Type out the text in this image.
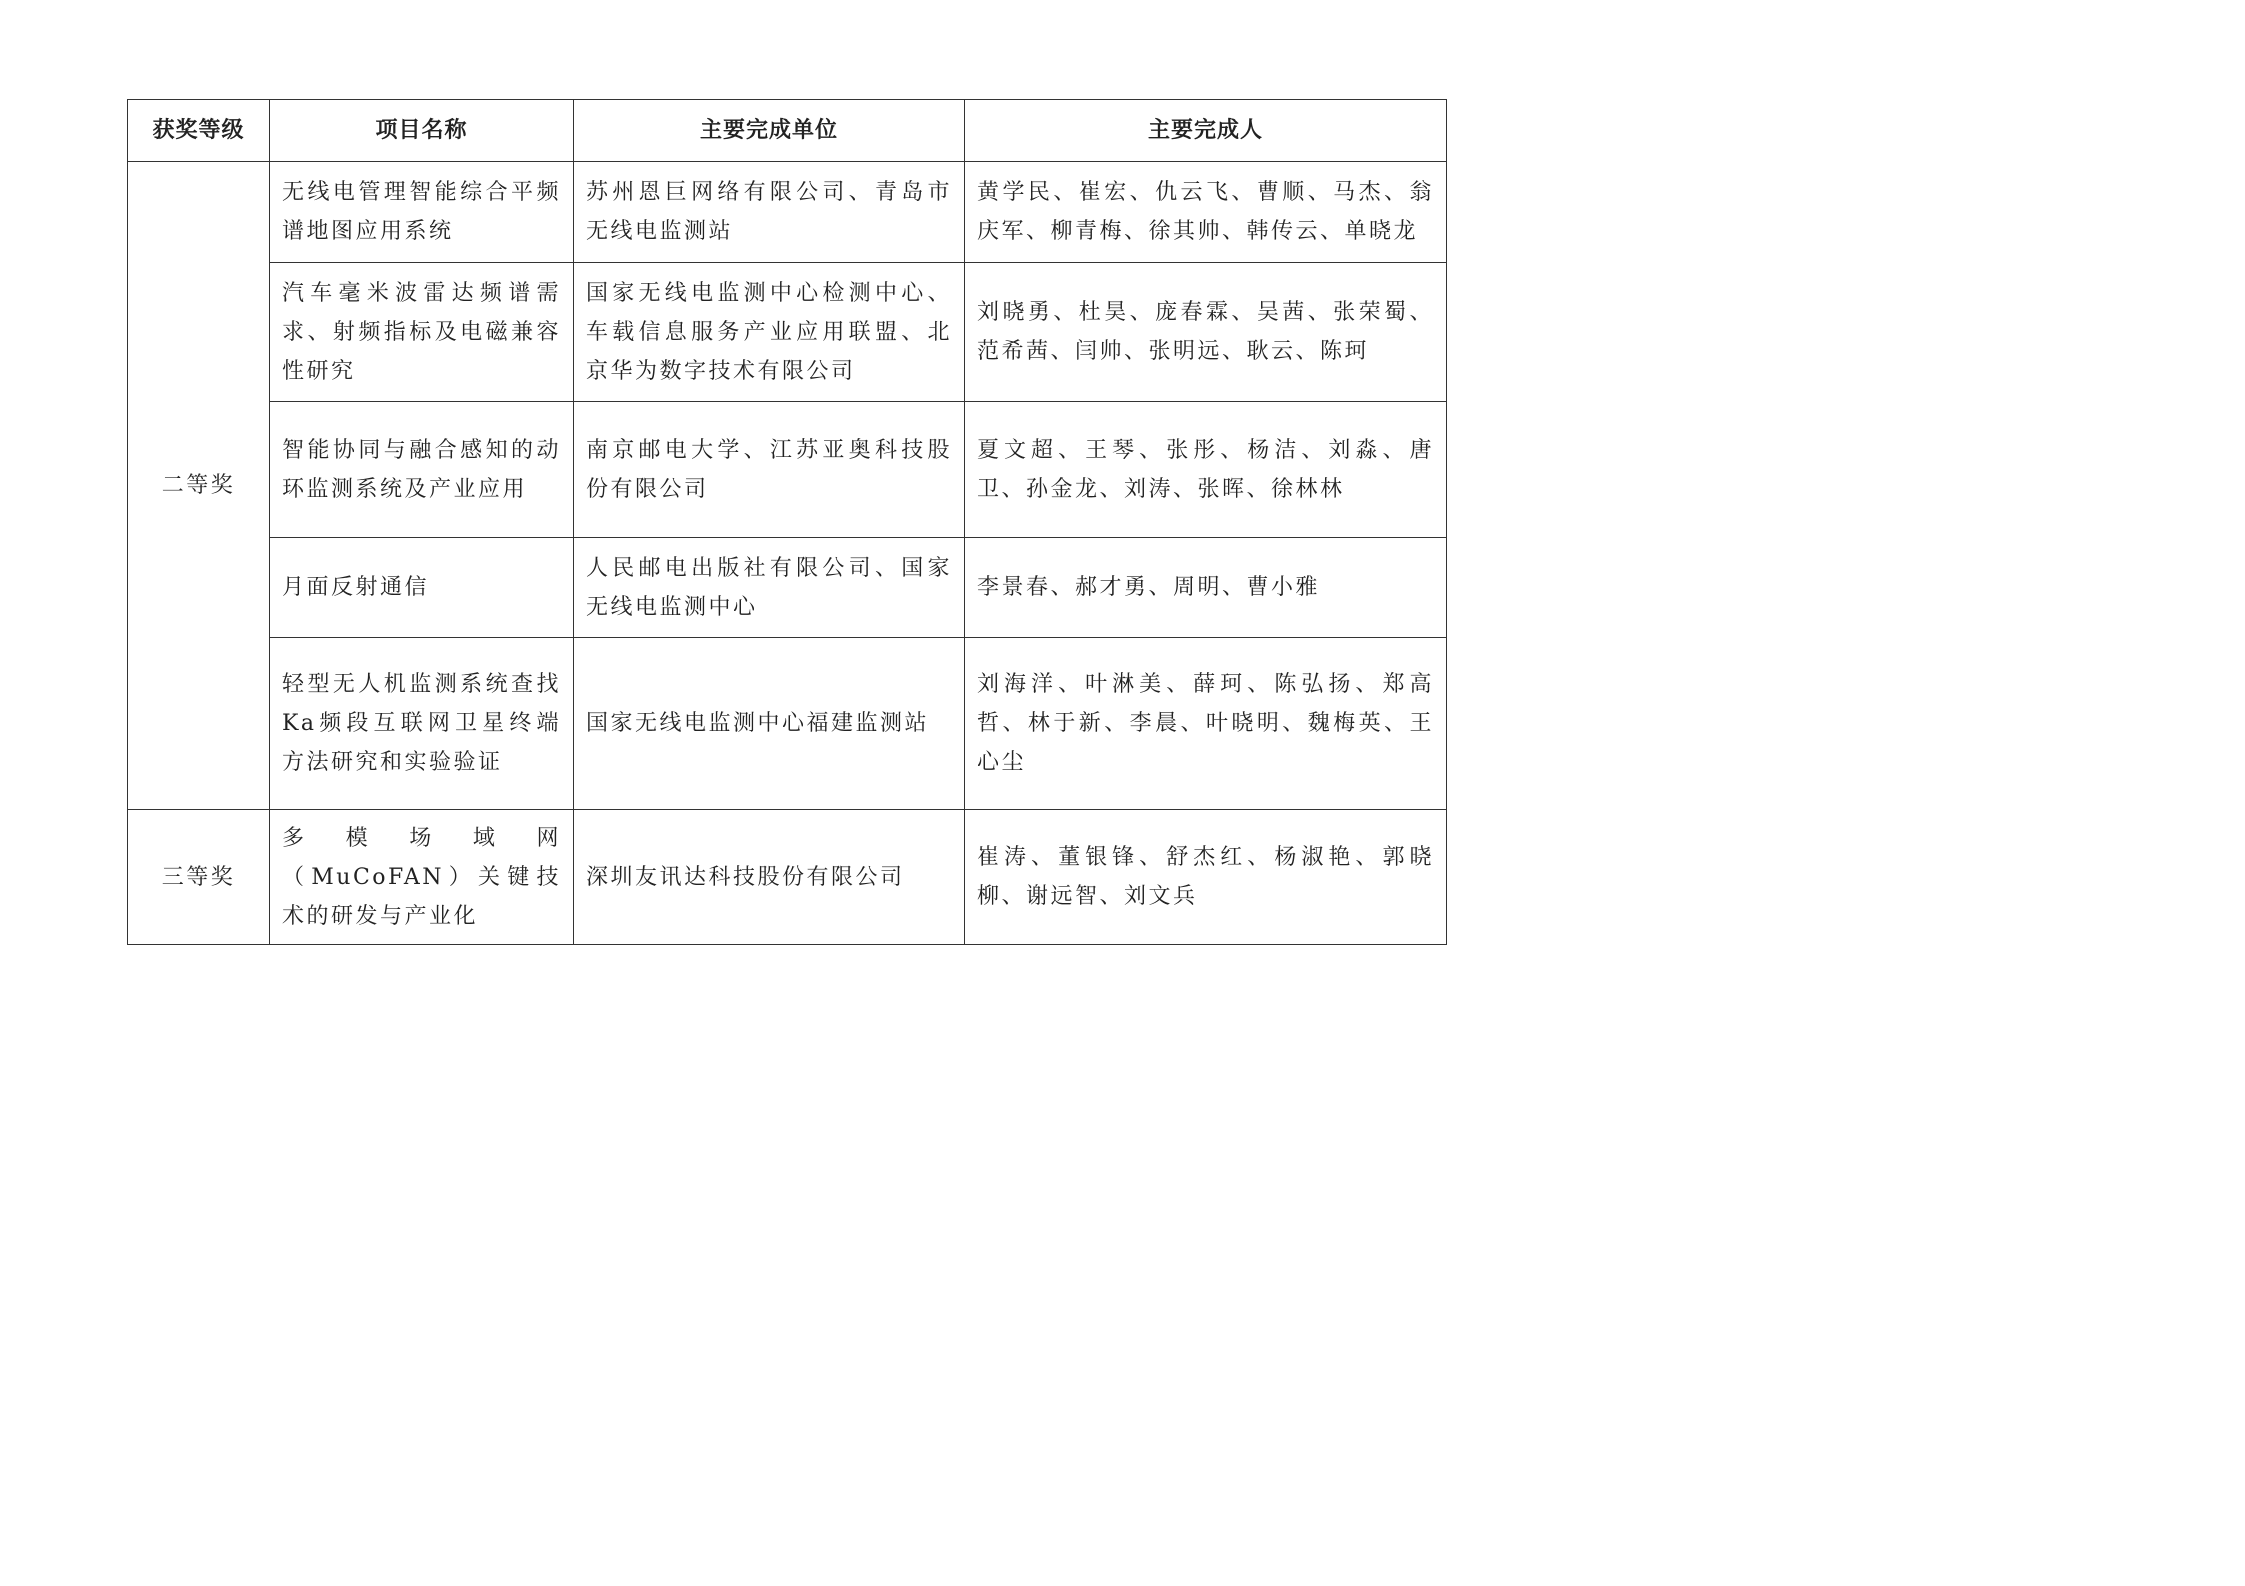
获奖等级	项目名称	主要完成单位	主要完成人
二等奖	无线电管理智能综合平频谱地图应用系统	苏州恩巨网络有限公司、青岛市无线电监测站	黄学民、崔宏、仇云飞、曹顺、马杰、翁庆军、柳青梅、徐其帅、韩传云、单晓龙
	汽车毫米波雷达频谱需求、射频指标及电磁兼容性研究	国家无线电监测中心检测中心、车载信息服务产业应用联盟、北京华为数字技术有限公司	刘晓勇、杜昊、庞春霖、吴茜、张荣蜀、范希茜、闫帅、张明远、耿云、陈珂
	智能协同与融合感知的动环监测系统及产业应用	南京邮电大学、江苏亚奥科技股份有限公司	夏文超、王琴、张彤、杨洁、刘淼、唐卫、孙金龙、刘涛、张晖、徐林林
	月面反射通信	人民邮电出版社有限公司、国家无线电监测中心	李景春、郝才勇、周明、曹小雅
	轻型无人机监测系统查找Ka频段互联网卫星终端方法研究和实验验证	国家无线电监测中心福建监测站	刘海洋、叶淋美、薛珂、陈弘扬、郑高哲、林于新、李晨、叶晓明、魏梅英、王心尘
三等奖	多模场域网（MuCoFAN）关键技术的研发与产业化	深圳友讯达科技股份有限公司	崔涛、董银锋、舒杰红、杨淑艳、郭晓柳、谢远智、刘文兵
